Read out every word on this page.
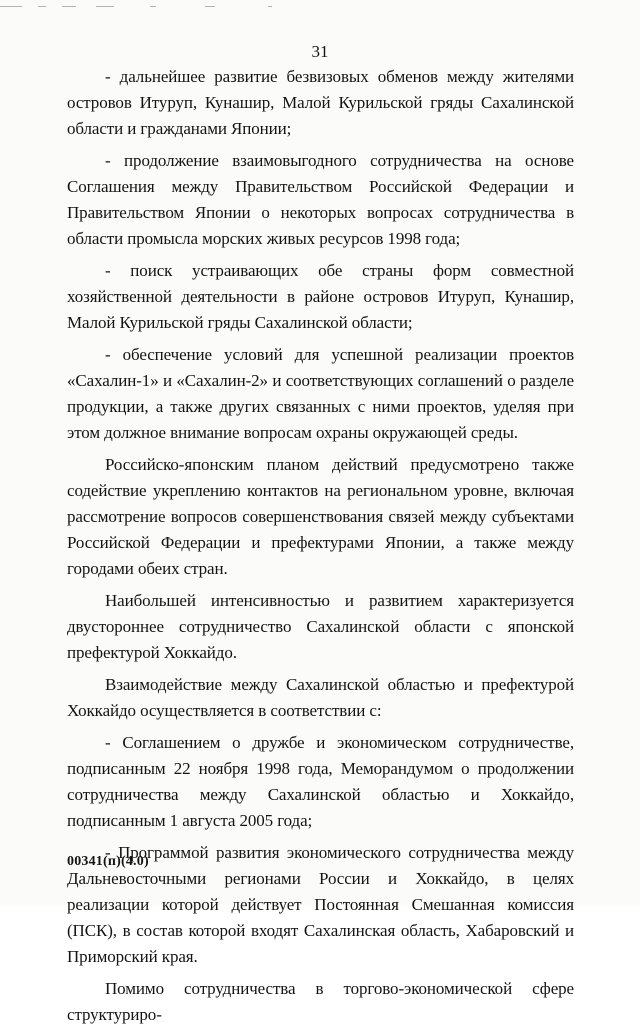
31

- дальнейшее развитие безвизовых обменов между жителями островов Итуруп, Кунашир, Малой Курильской гряды Сахалинской области и граждaнами Японии;

- продолжение взаимовыгодного сотрудничества на основе Соглашения между Правительством Российской Федерации и Правительством Японии о некоторых вопросах сотрудничества в области промысла морских живых ресурсов 1998 года;

- поиск устраивающих обе страны форм совместной хозяйственной деятельности в районе островов Итуруп, Кунашир, Малой Курильской гряды Сахалинской области;

- обеспечение условий для успешной реализации проектов «Сахалин-1» и «Сахалин-2» и соответствующих соглашений о разделе продукции, а также других связанных с ними проектов, уделяя при этом должное внимание вопросам охраны окружающей среды.

Российско-японским планом действий предусмотрено также содействие укреплению контактов на региональном уровне, включая рассмотрение вопросов совершенствования связей между субъектами Российской Федерации и префектурами Японии, а также между городами обеих стран.

Наибольшей интенсивностью и развитием характеризуется двустороннее сотрудничество Сахалинской области с японской префектурой Хоккайдо.

Взаимодействие между Сахалинской областью и префектурой Хоккайдо осуществляется в соответствии с:

- Соглашением о дружбе и экономическом сотрудничестве, подписанным 22 ноября 1998 года, Меморандумом о продолжении сотрудничества между Сахалинской областью и Хоккайдо, подписанным 1 августа 2005 года;

- Программой развития экономического сотрудничества между Дальневосточными регионами России и Хоккайдо, в целях реализации которой действует Постоянная Смешанная комиссия (ПСК), в состав которой входят Сахалинская область, Хабаровский и Приморский края.

Помимо сотрудничества в торгово-экономической сфере структуриро-

00341(п)(4.0)
